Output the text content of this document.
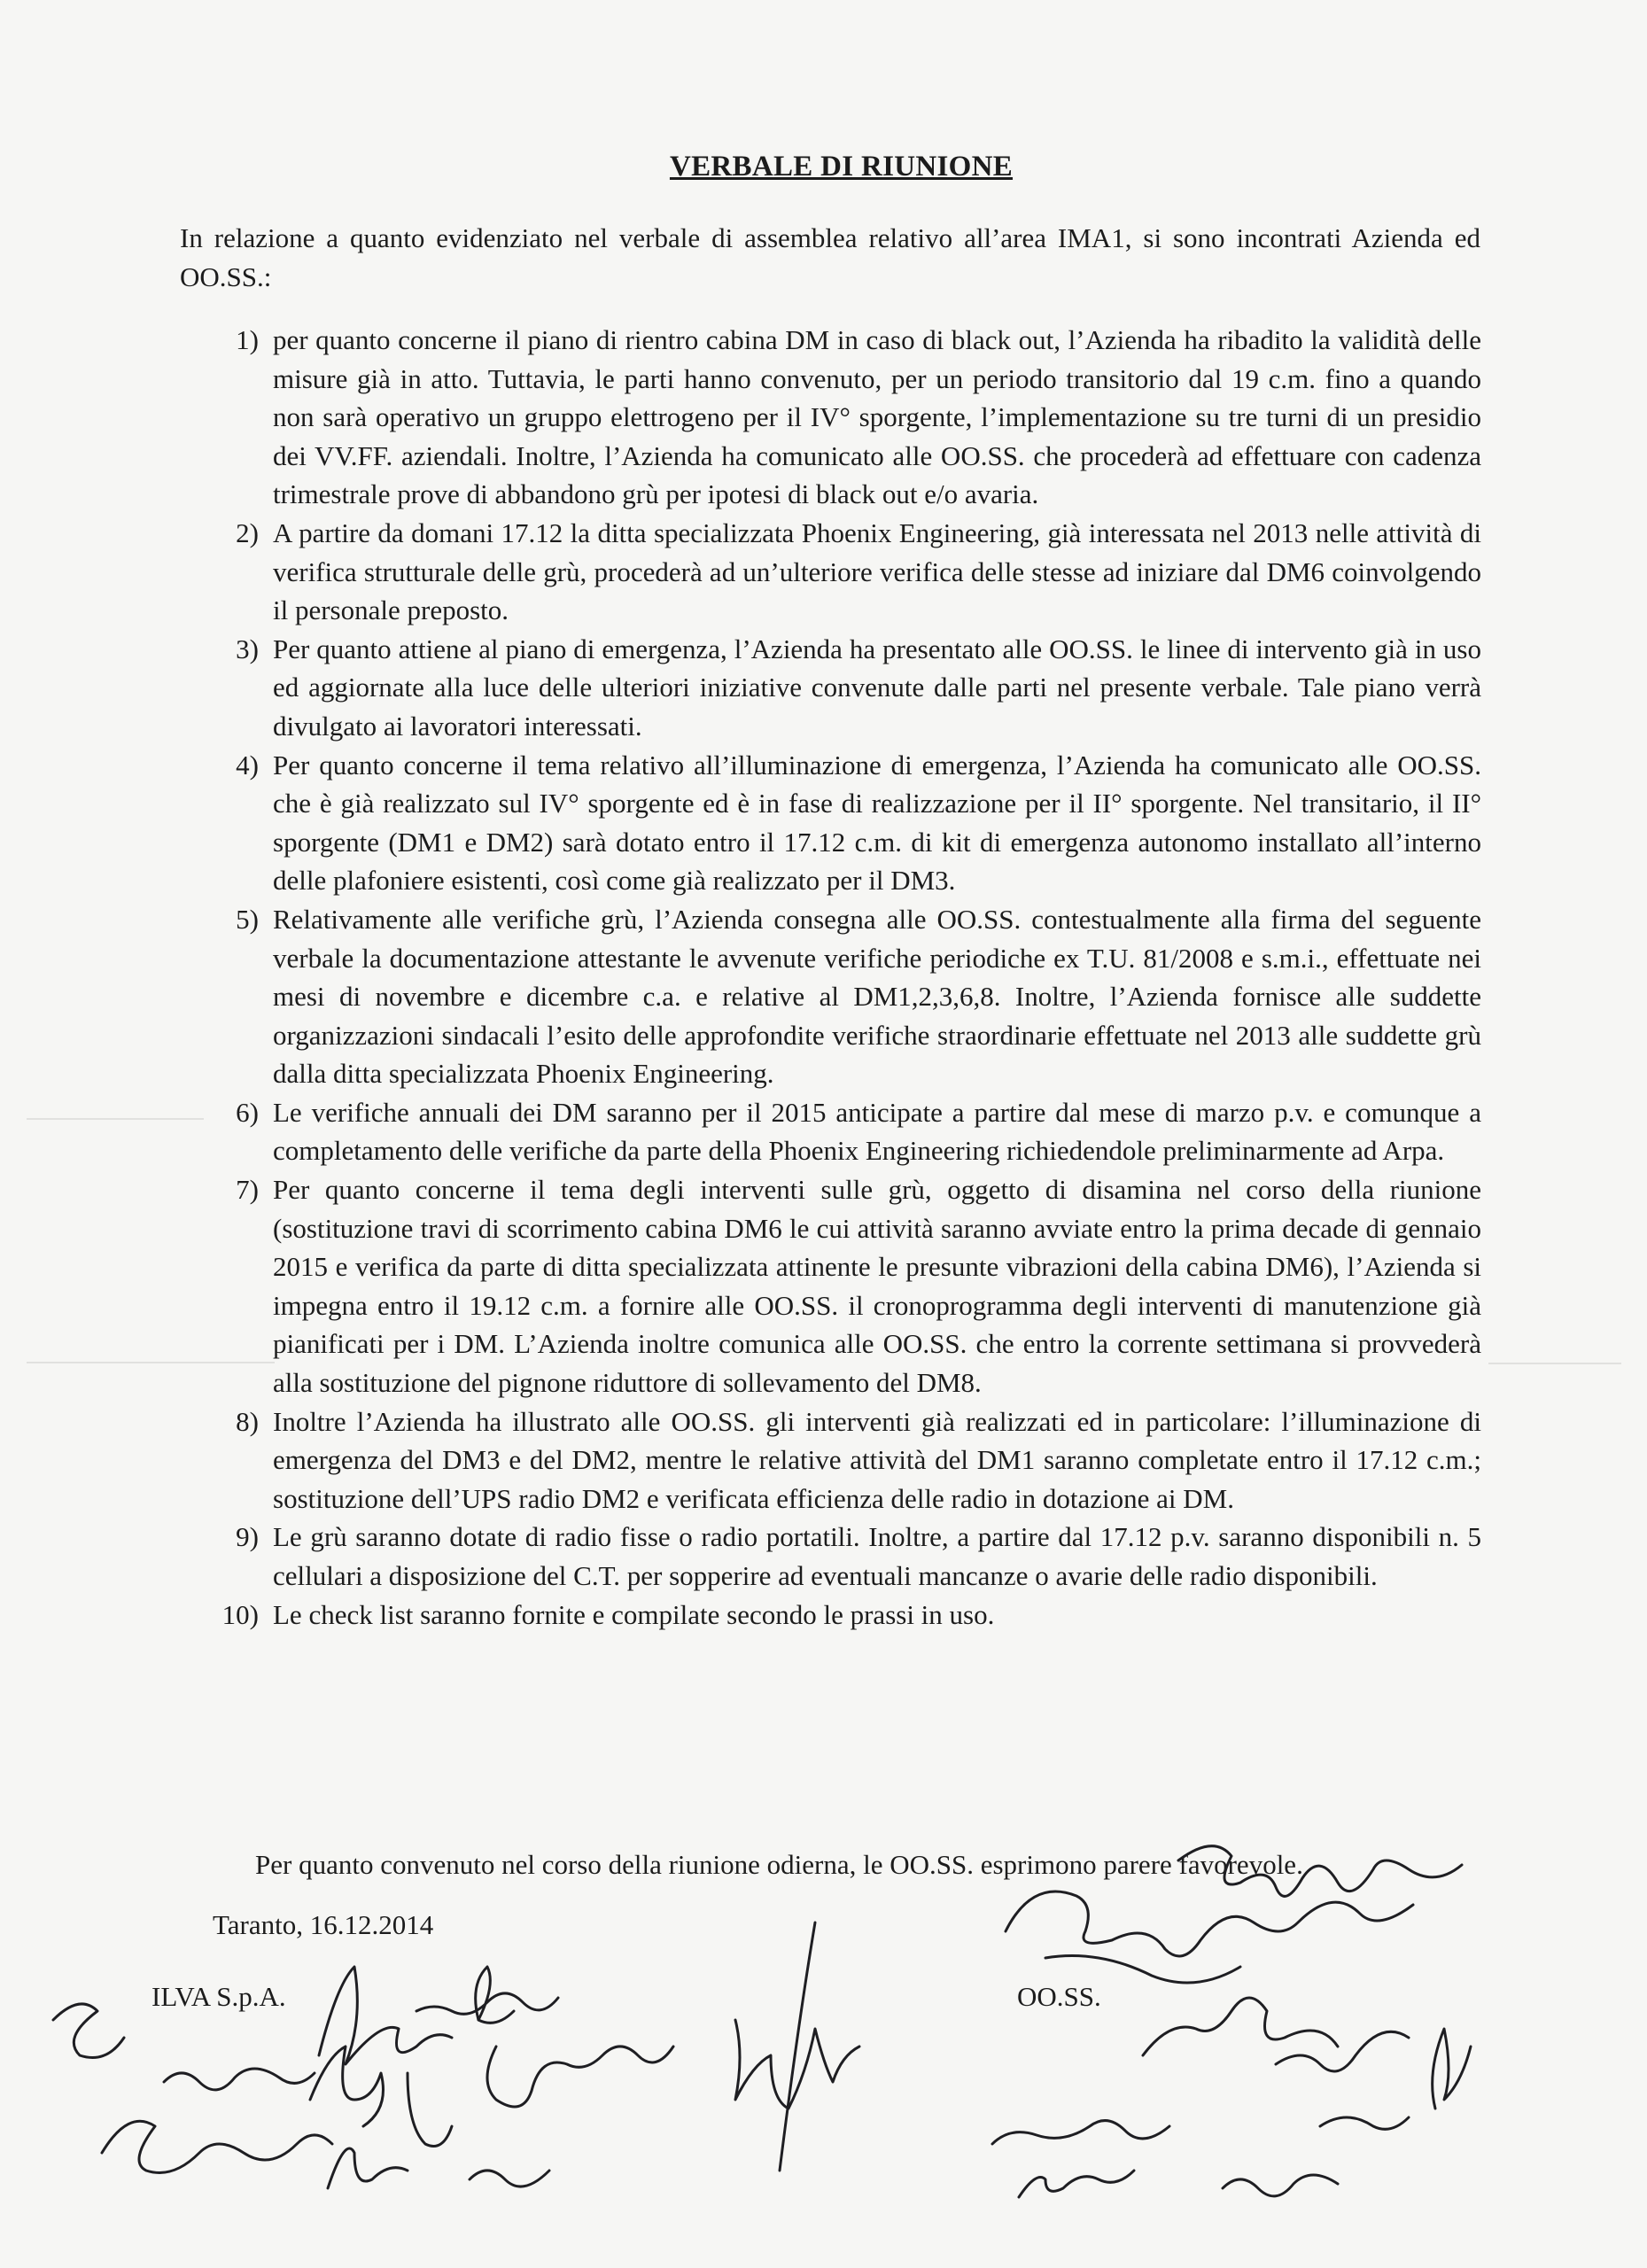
VERBALE DI RIUNIONE
In relazione a quanto evidenziato nel verbale di assemblea relativo all’area IMA1, si sono incontrati Azienda ed OO.SS.:
1) per quanto concerne il piano di rientro cabina DM in caso di black out, l’Azienda ha ribadito la validità delle misure già in atto. Tuttavia, le parti hanno convenuto, per un periodo transitorio dal 19 c.m. fino a quando non sarà operativo un gruppo elettrogeno per il IV° sporgente, l’implementazione su tre turni di un presidio dei VV.FF. aziendali. Inoltre, l’Azienda ha comunicato alle OO.SS. che procederà ad effettuare con cadenza trimestrale prove di abbandono grù per ipotesi di black out e/o avaria.
2) A partire da domani 17.12 la ditta specializzata Phoenix Engineering, già interessata nel 2013 nelle attività di verifica strutturale delle grù, procederà ad un’ulteriore verifica delle stesse ad iniziare dal DM6 coinvolgendo il personale preposto.
3) Per quanto attiene al piano di emergenza, l’Azienda ha presentato alle OO.SS. le linee di intervento già in uso ed aggiornate alla luce delle ulteriori iniziative convenute dalle parti nel presente verbale. Tale piano verrà divulgato ai lavoratori interessati.
4) Per quanto concerne il tema relativo all’illuminazione di emergenza, l’Azienda ha comunicato alle OO.SS. che è già realizzato sul IV° sporgente ed è in fase di realizzazione per il II° sporgente. Nel transitario, il II° sporgente (DM1 e DM2) sarà dotato entro il 17.12 c.m. di kit di emergenza autonomo installato all’interno delle plafoniere esistenti, così come già realizzato per il DM3.
5) Relativamente alle verifiche grù, l’Azienda consegna alle OO.SS. contestualmente alla firma del seguente verbale la documentazione attestante le avvenute verifiche periodiche ex T.U. 81/2008 e s.m.i., effettuate nei mesi di novembre e dicembre c.a. e relative al DM1,2,3,6,8. Inoltre, l’Azienda fornisce alle suddette organizzazioni sindacali l’esito delle approfondite verifiche straordinarie effettuate nel 2013 alle suddette grù dalla ditta specializzata Phoenix Engineering.
6) Le verifiche annuali dei DM saranno per il 2015 anticipate a partire dal mese di marzo p.v. e comunque a completamento delle verifiche da parte della Phoenix Engineering richiedendole preliminarmente ad Arpa.
7) Per quanto concerne il tema degli interventi sulle grù, oggetto di disamina nel corso della riunione (sostituzione travi di scorrimento cabina DM6 le cui attività saranno avviate entro la prima decade di gennaio 2015 e verifica da parte di ditta specializzata attinente le presunte vibrazioni della cabina DM6), l’Azienda si impegna entro il 19.12 c.m. a fornire alle OO.SS. il cronoprogramma degli interventi di manutenzione già pianificati per i DM. L’Azienda inoltre comunica alle OO.SS. che entro la corrente settimana si provvederà alla sostituzione del pignone riduttore di sollevamento del DM8.
8) Inoltre l’Azienda ha illustrato alle OO.SS. gli interventi già realizzati ed in particolare: l’illuminazione di emergenza del DM3 e del DM2, mentre le relative attività del DM1 saranno completate entro il 17.12 c.m.; sostituzione dell’UPS radio DM2 e verificata efficienza delle radio in dotazione ai DM.
9) Le grù saranno dotate di radio fisse o radio portatili. Inoltre, a partire dal 17.12 p.v. saranno disponibili n. 5 cellulari a disposizione del C.T. per sopperire ad eventuali mancanze o avarie delle radio disponibili.
10) Le check list saranno fornite e compilate secondo le prassi in uso.
Per quanto convenuto nel corso della riunione odierna, le OO.SS. esprimono parere favorevole.
Taranto, 16.12.2014
ILVA S.p.A.	OO.SS.
